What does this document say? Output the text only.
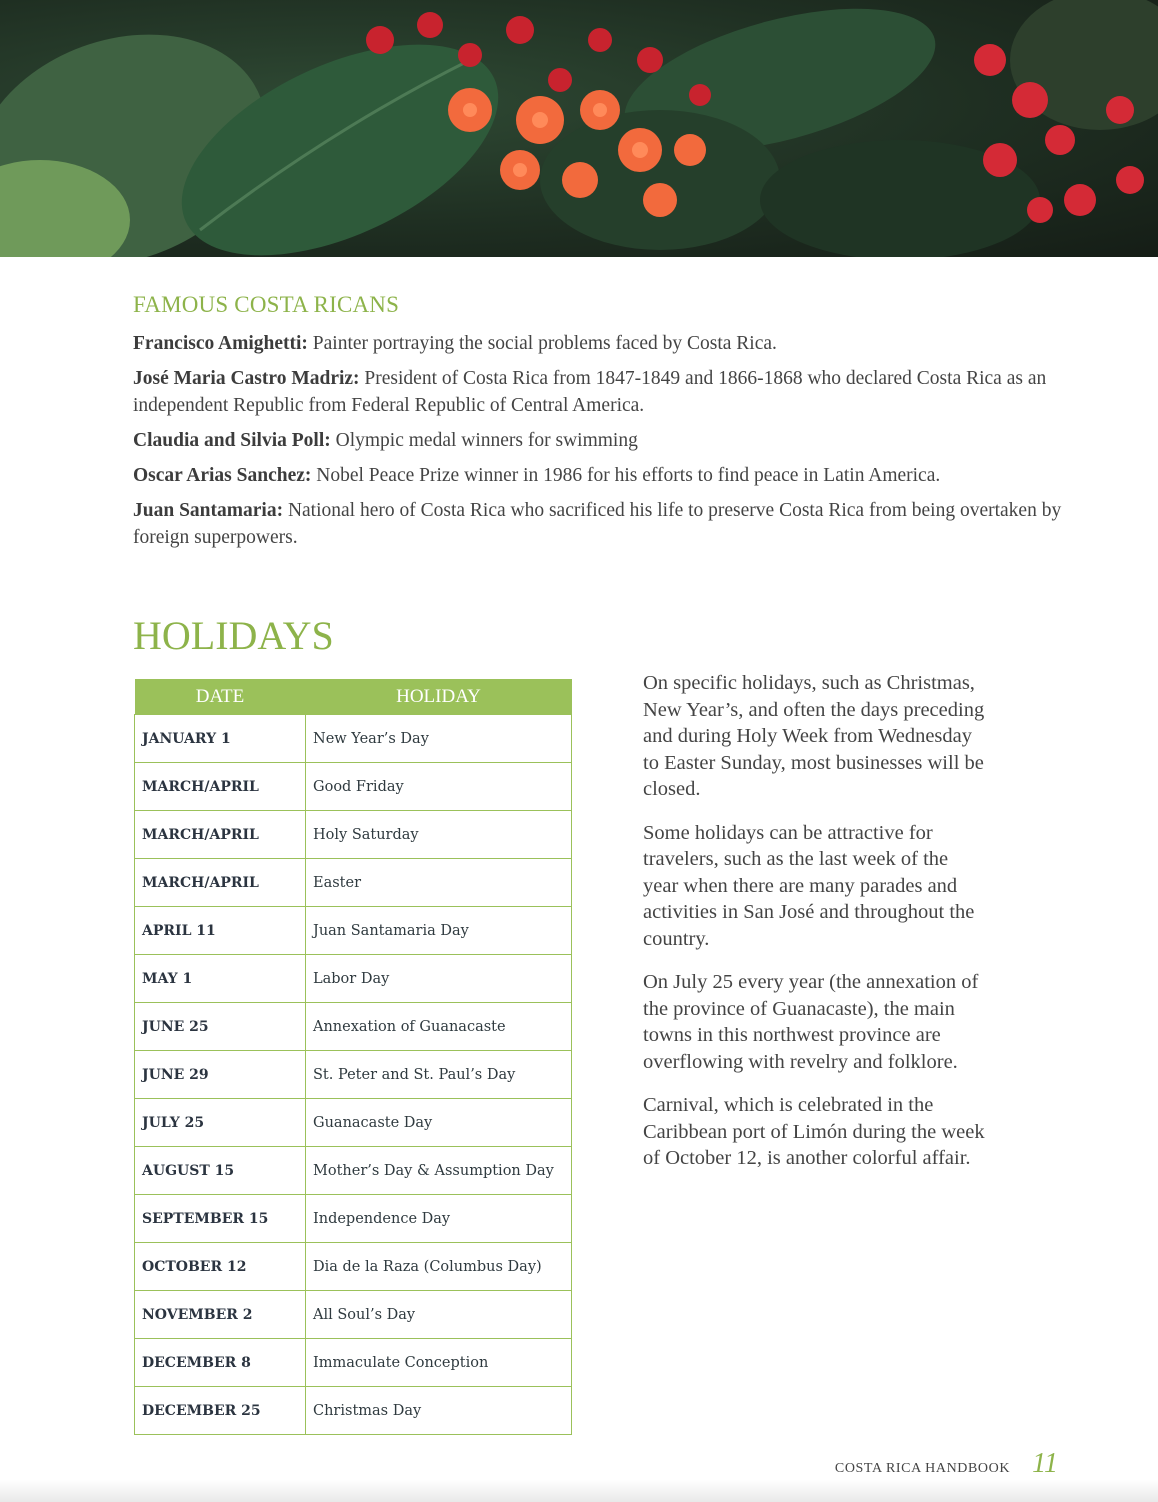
FAMOUS COSTA RICANS

Francisco Amighetti: Painter portraying the social problems faced by Costa Rica.

José Maria Castro Madriz: President of Costa Rica from 1847-1849 and 1866-1868 who declared Costa Rica as an independent Republic from Federal Republic of Central America.

Claudia and Silvia Poll: Olympic medal winners for swimming

Oscar Arias Sanchez: Nobel Peace Prize winner in 1986 for his efforts to find peace in Latin America.

Juan Santamaria: National hero of Costa Rica who sacrificed his life to preserve Costa Rica from being overtaken by foreign superpowers.

HOLIDAYS
DATE	HOLIDAY
JANUARY 1	New Year’s Day
MARCH/APRIL	Good Friday
MARCH/APRIL	Holy Saturday
MARCH/APRIL	Easter
APRIL 11	Juan Santamaria Day
MAY 1	Labor Day
JUNE 25	Annexation of Guanacaste
JUNE 29	St. Peter and St. Paul’s Day
JULY 25	Guanacaste Day
AUGUST 15	Mother’s Day & Assumption Day
SEPTEMBER 15	Independence Day
OCTOBER 12	Dia de la Raza (Columbus Day)
NOVEMBER 2	All Soul’s Day
DECEMBER 8	Immaculate Conception
DECEMBER 25	Christmas Day

On specific holidays, such as Christmas, New Year’s, and often the days preceding and during Holy Week from Wednesday to Easter Sunday, most businesses will be closed.

Some holidays can be attractive for travelers, such as the last week of the year when there are many parades and activities in San José and throughout the country.

On July 25 every year (the annexation of the province of Guanacaste), the main towns in this northwest province are overflowing with revelry and folklore.

Carnival, which is celebrated in the Caribbean port of Limón during the week of October 12, is another colorful affair.

COSTA RICA HANDBOOK 11
